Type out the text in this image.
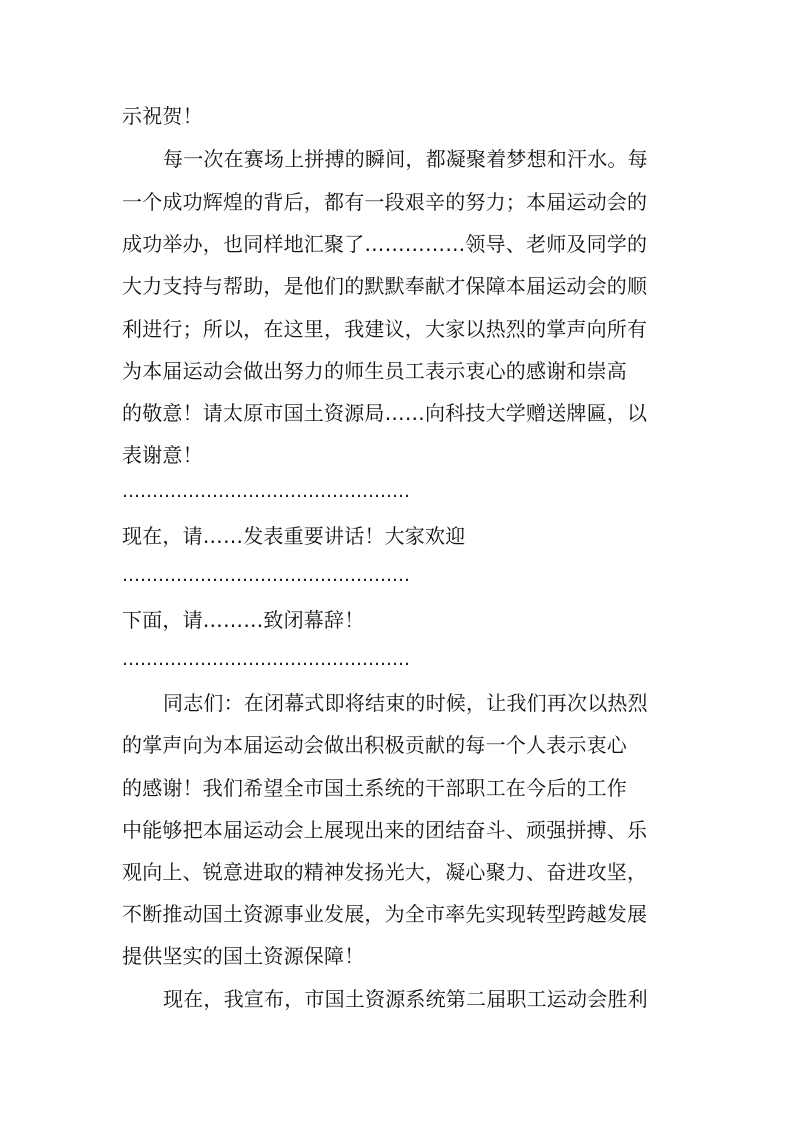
示祝贺！
每一次在赛场上拼搏的瞬间，都凝聚着梦想和汗水。每
一个成功辉煌的背后，都有一段艰辛的努力；本届运动会的
成功举办，也同样地汇聚了……………领导、老师及同学的
大力支持与帮助，是他们的默默奉献才保障本届运动会的顺
利进行；所以，在这里，我建议，大家以热烈的掌声向所有
为本届运动会做出努力的师生员工表示衷心的感谢和崇高
的敬意！请太原市国土资源局……向科技大学赠送牌匾，以
表谢意！
…………………………………………
现在，请……发表重要讲话！大家欢迎
…………………………………………
下面，请………致闭幕辞！
…………………………………………
同志们：在闭幕式即将结束的时候，让我们再次以热烈
的掌声向为本届运动会做出积极贡献的每一个人表示衷心
的感谢！我们希望全市国土系统的干部职工在今后的工作
中能够把本届运动会上展现出来的团结奋斗、顽强拼搏、乐
观向上、锐意进取的精神发扬光大，凝心聚力、奋进攻坚，
不断推动国土资源事业发展，为全市率先实现转型跨越发展
提供坚实的国土资源保障！
现在，我宣布，市国土资源系统第二届职工运动会胜利
